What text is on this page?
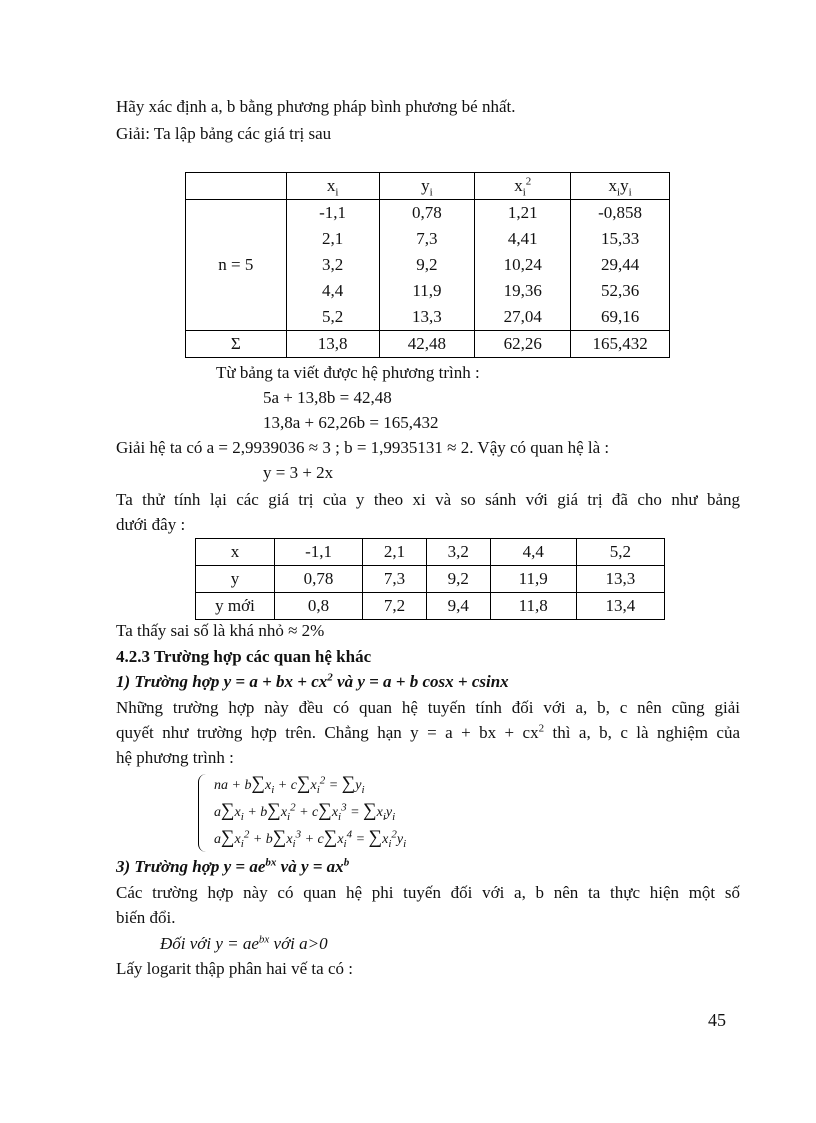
Hãy xác định a, b bằng phương pháp bình phương bé nhất.
Giải: Ta lập bảng các giá trị sau
	$x_i$	$y_i$	$x_i^2$	$x_iy_i$
n = 5	-1,1	0,78	1,21	-0,858
	2,1	7,3	4,41	15,33
	3,2	9,2	10,24	29,44
	4,4	11,9	19,36	52,36
	5,2	13,3	27,04	69,16
Σ	13,8	42,48	62,26	165,432
Từ bảng ta viết được hệ phương trình :
5a + 13,8b = 42,48
13,8a + 62,26b = 165,432
Giải hệ ta có a = 2,9939036 ≈ 3 ; b = 1,9935131 ≈ 2. Vậy có quan hệ là :
y = 3 + 2x
Ta thử tính lại các giá trị của y theo xi và so sánh với giá trị đã cho như bảng
dưới đây :
x	-1,1	2,1	3,2	4,4	5,2
y	0,78	7,3	9,2	11,9	13,3
y mới	0,8	7,2	9,4	11,8	13,4
Ta thấy sai số là khá nhỏ ≈ 2%
4.2.3 Trường hợp các quan hệ khác
1) Trường hợp y = a + bx + $cx^2$ và y = a + b cosx + csinx
Những trường hợp này đều có quan hệ tuyến tính đối với a, b, c nên cũng giải
quyết như trường hợp trên. Chẳng hạn y = a + bx + $cx^2$ thì a, b, c là nghiệm của
hệ phương trình :
na + $b\sum x_i + c\sum x_i^2 = \sum y_i$
$a\sum x_i + b\sum x_i^2 + c\sum x_i^3 = \sum x_iy_i$
$a\sum x_i^2 + b\sum x_i^3 + c\sum x_i^4 = \sum x_i^2y_i$
3) Trường hợp $y = ae^{bx}$ và $y = ax^b$
Các trường hợp này có quan hệ phi tuyến đối với a, b nên ta thực hiện một số
biến đổi.
Đối với $y = ae^{bx}$ với a>0
Lấy logarit thập phân hai vế ta có :
45
